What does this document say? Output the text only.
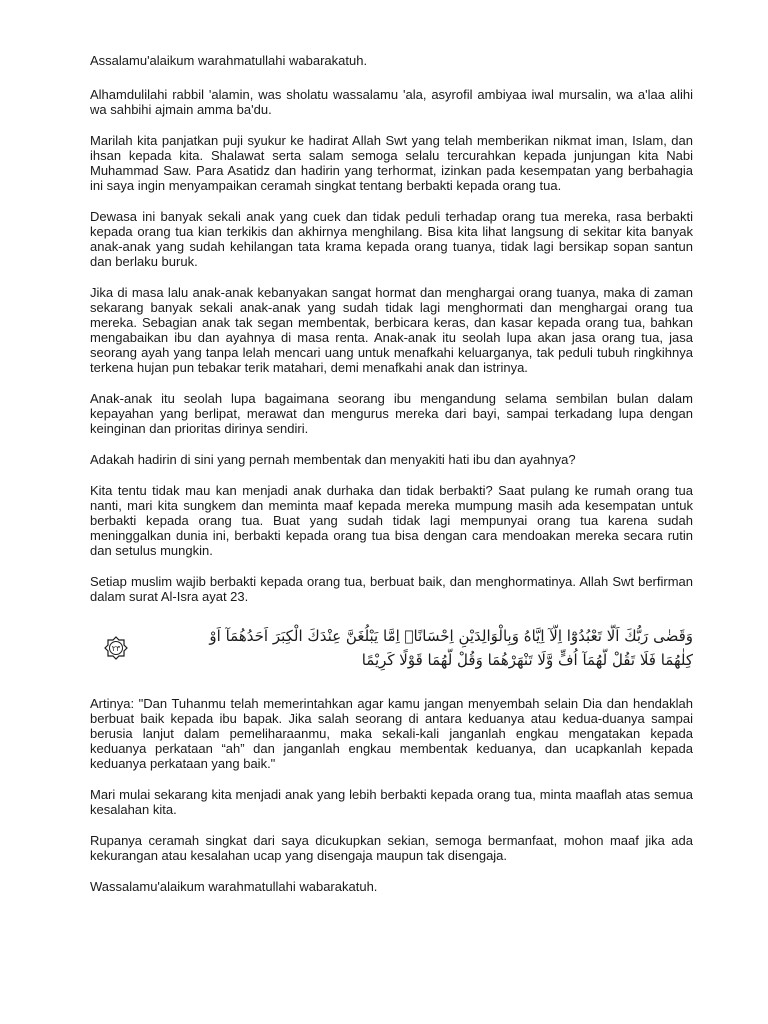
Assalamu'alaikum warahmatullahi wabarakatuh.

Alhamdulilahi rabbil 'alamin, was sholatu wassalamu 'ala, asyrofil ambiyaa iwal mursalin, wa a'laa alihi wa sahbihi ajmain amma ba'du.

Marilah kita panjatkan puji syukur ke hadirat Allah Swt yang telah memberikan nikmat iman, Islam, dan ihsan kepada kita. Shalawat serta salam semoga selalu tercurahkan kepada junjungan kita Nabi Muhammad Saw. Para Asatidz dan hadirin yang terhormat, izinkan pada kesempatan yang berbahagia ini saya ingin menyampaikan ceramah singkat tentang berbakti kepada orang tua.

Dewasa ini banyak sekali anak yang cuek dan tidak peduli terhadap orang tua mereka, rasa berbakti kepada orang tua kian terkikis dan akhirnya menghilang. Bisa kita lihat langsung di sekitar kita banyak anak-anak yang sudah kehilangan tata krama kepada orang tuanya, tidak lagi bersikap sopan santun dan berlaku buruk.

Jika di masa lalu anak-anak kebanyakan sangat hormat dan menghargai orang tuanya, maka di zaman sekarang banyak sekali anak-anak yang sudah tidak lagi menghormati dan menghargai orang tua mereka. Sebagian anak tak segan membentak, berbicara keras, dan kasar kepada orang tua, bahkan mengabaikan ibu dan ayahnya di masa renta. Anak-anak itu seolah lupa akan jasa orang tua, jasa seorang ayah yang tanpa lelah mencari uang untuk menafkahi keluarganya, tak peduli tubuh ringkihnya terkena hujan pun tebakar terik matahari, demi menafkahi anak dan istrinya.

Anak-anak itu seolah lupa bagaimana seorang ibu mengandung selama sembilan bulan dalam kepayahan yang berlipat, merawat dan mengurus mereka dari bayi, sampai terkadang lupa dengan keinginan dan prioritas dirinya sendiri.

Adakah hadirin di sini yang pernah membentak dan menyakiti hati ibu dan ayahnya?

Kita tentu tidak mau kan menjadi anak durhaka dan tidak berbakti? Saat pulang ke rumah orang tua nanti, mari kita sungkem dan meminta maaf kepada mereka mumpung masih ada kesempatan untuk berbakti kepada orang tua. Buat yang sudah tidak lagi mempunyai orang tua karena sudah meninggalkan dunia ini, berbakti kepada orang tua bisa dengan cara mendoakan mereka secara rutin dan setulus mungkin.

Setiap muslim wajib berbakti kepada orang tua, berbuat baik, dan menghormatinya. Allah Swt berfirman dalam surat Al-Isra ayat 23.

٢٣
وَقَضٰى رَبُّكَ اَلَّا تَعْبُدُوْٓا اِلَّآ اِيَّاهُ وَبِالْوَالِدَيْنِ اِحْسَانًاۗ اِمَّا يَبْلُغَنَّ عِنْدَكَ الْكِبَرَ اَحَدُهُمَآ اَوْ
كِلٰهُمَا فَلَا تَقُلْ لَّهُمَآ اُفٍّ وَّلَا تَنْهَرْهُمَا وَقُلْ لَّهُمَا قَوْلًا كَرِيْمًا

Artinya: "Dan Tuhanmu telah memerintahkan agar kamu jangan menyembah selain Dia dan hendaklah berbuat baik kepada ibu bapak. Jika salah seorang di antara keduanya atau kedua-duanya sampai berusia lanjut dalam pemeliharaanmu, maka sekali-kali janganlah engkau mengatakan kepada keduanya perkataan “ah” dan janganlah engkau membentak keduanya, dan ucapkanlah kepada keduanya perkataan yang baik."

Mari mulai sekarang kita menjadi anak yang lebih berbakti kepada orang tua, minta maaflah atas semua kesalahan kita.

Rupanya ceramah singkat dari saya dicukupkan sekian, semoga bermanfaat, mohon maaf jika ada kekurangan atau kesalahan ucap yang disengaja maupun tak disengaja.

Wassalamu'alaikum warahmatullahi wabarakatuh.
